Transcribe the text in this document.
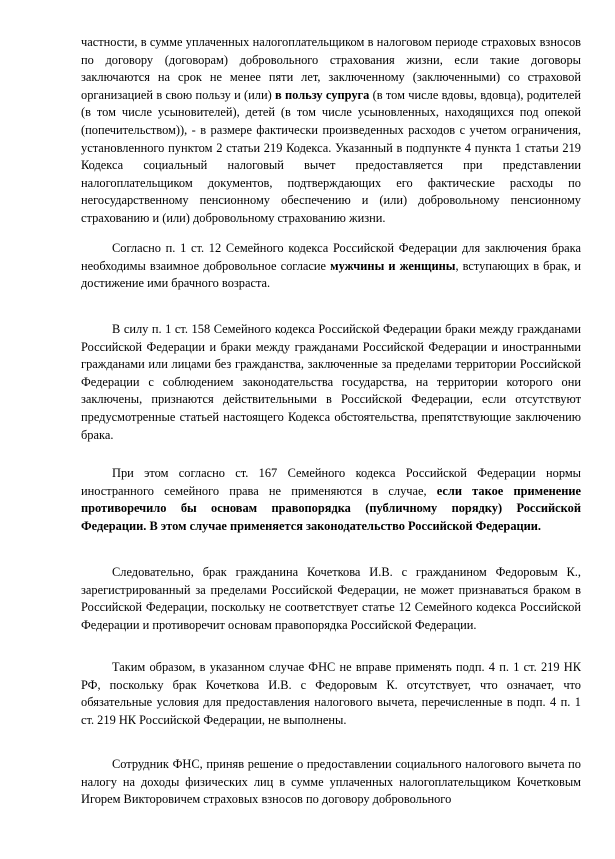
частности, в сумме уплаченных налогоплательщиком в налоговом периоде страховых взносов по договору (договорам) добровольного страхования жизни, если такие договоры заключаются на срок не менее пяти лет, заключенному (заключенными) со страховой организацией в свою пользу и (или) в пользу супруга (в том числе вдовы, вдовца), родителей (в том числе усыновителей), детей (в том числе усыновленных, находящихся под опекой (попечительством)), - в размере фактически произведенных расходов с учетом ограничения, установленного пунктом 2 статьи 219 Кодекса. Указанный в подпункте 4 пункта 1 статьи 219 Кодекса социальный налоговый вычет предоставляется при представлении налогоплательщиком документов, подтверждающих его фактические расходы по негосударственному пенсионному обеспечению и (или) добровольному пенсионному страхованию и (или) добровольному страхованию жизни.

Согласно п. 1 ст. 12 Семейного кодекса Российской Федерации для заключения брака необходимы взаимное добровольное согласие мужчины и женщины, вступающих в брак, и достижение ими брачного возраста.

В силу п. 1 ст. 158 Семейного кодекса Российской Федерации браки между гражданами Российской Федерации и браки между гражданами Российской Федерации и иностранными гражданами или лицами без гражданства, заключенные за пределами территории Российской Федерации с соблюдением законодательства государства, на территории которого они заключены, признаются действительными в Российской Федерации, если отсутствуют предусмотренные статьей настоящего Кодекса обстоятельства, препятствующие заключению брака.

При этом согласно ст. 167 Семейного кодекса Российской Федерации нормы иностранного семейного права не применяются в случае, если такое применение противоречило бы основам правопорядка (публичному порядку) Российской Федерации. В этом случае применяется законодательство Российской Федерации.

Следовательно, брак гражданина Кочеткова И.В. с гражданином Федоровым К., зарегистрированный за пределами Российской Федерации, не может признаваться браком в Российской Федерации, поскольку не соответствует статье 12 Семейного кодекса Российской Федерации и противоречит основам правопорядка Российской Федерации.

Таким образом, в указанном случае ФНС не вправе применять подп. 4 п. 1 ст. 219 НК РФ, поскольку брак Кочеткова И.В. с Федоровым К. отсутствует, что означает, что обязательные условия для предоставления налогового вычета, перечисленные в подп. 4 п. 1 ст. 219 НК Российской Федерации, не выполнены.

Сотрудник ФНС, приняв решение о предоставлении социального налогового вычета по налогу на доходы физических лиц в сумме уплаченных налогоплательщиком Кочетковым Игорем Викторовичем страховых взносов по договору добровольного
